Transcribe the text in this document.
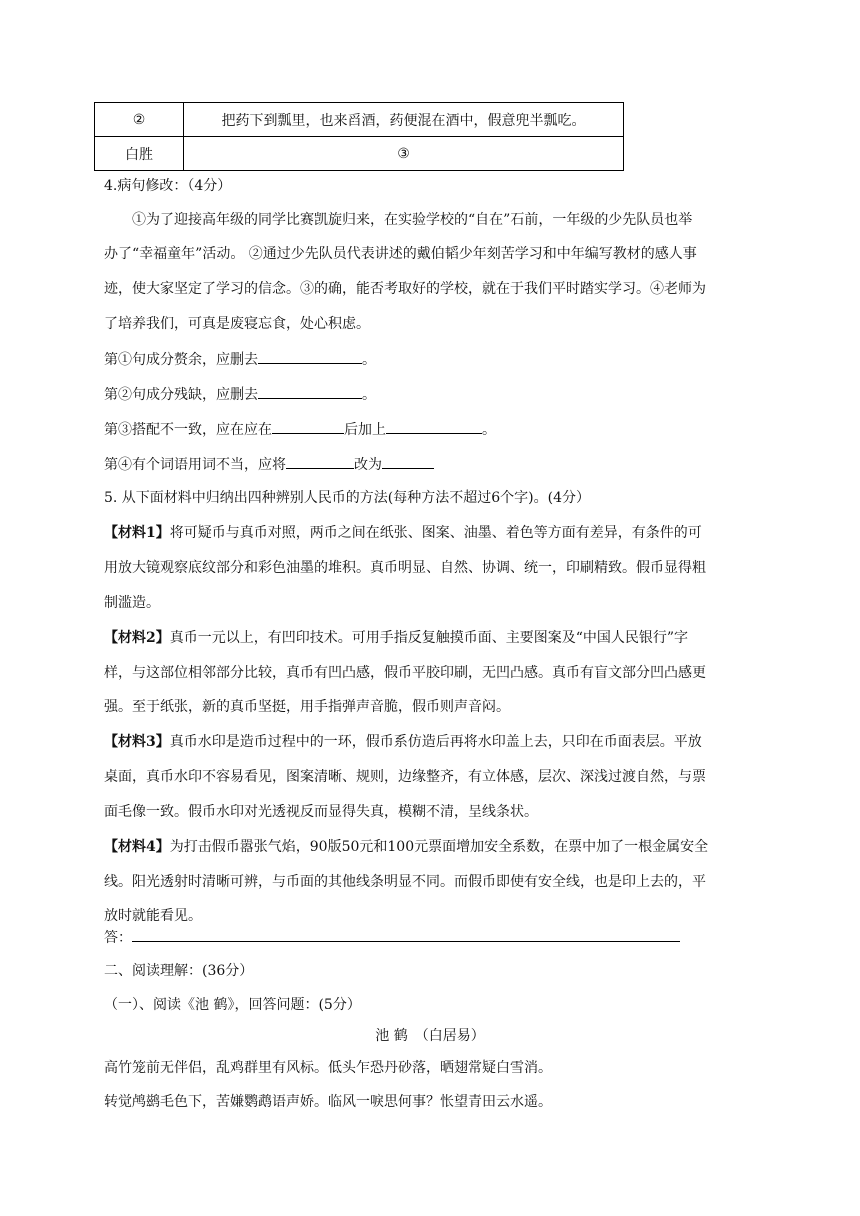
②	把药下到瓢里，也来舀酒，药便混在酒中，假意兜半瓢吃。
白胜	③
4.病句修改：（4分）
①为了迎接高年级的同学比赛凯旋归来，在实验学校的“自在”石前，一年级的少先队员也举
办了“幸福童年”活动。 ②通过少先队员代表讲述的戴伯韬少年刻苦学习和中年编写教材的感人事
迹，使大家坚定了学习的信念。③的确，能否考取好的学校，就在于我们平时踏实学习。④老师为
了培养我们，可真是废寝忘食，处心积虑。
第①句成分赘余，应删去	。
第②句成分残缺，应删去	。
第③搭配不一致，应在应在	后加上	。
第④有个词语用词不当，应将	改为
5. 从下面材料中归纳出四种辨别人民币的方法(每种方法不超过6个字)。(4分）
【材料1】将可疑币与真币对照，两币之间在纸张、图案、油墨、着色等方面有差异，有条件的可
用放大镜观察底纹部分和彩色油墨的堆积。真币明显、自然、协调、统一，印刷精致。假币显得粗
制滥造。
【材料2】真币一元以上，有凹印技术。可用手指反复触摸币面、主要图案及“中国人民银行”字
样，与这部位相邻部分比较，真币有凹凸感，假币平胶印刷，无凹凸感。真币有盲文部分凹凸感更
强。至于纸张，新的真币坚挺，用手指弹声音脆，假币则声音闷。
【材料3】真币水印是造币过程中的一环，假币系仿造后再将水印盖上去，只印在币面表层。平放
桌面，真币水印不容易看见，图案清晰、规则，边缘整齐，有立体感，层次、深浅过渡自然，与票
面毛像一致。假币水印对光透视反而显得失真，模糊不清，呈线条状。
【材料4】为打击假币嚣张气焰，90版50元和100元票面增加安全系数，在票中加了一根金属安全
线。阳光透射时清晰可辨，与币面的其他线条明显不同。而假币即使有安全线，也是印上去的，平
放时就能看见。
答：
二、阅读理解：(36分）
（一）、阅读《池 鹤》，回答问题：(5分）
池 鹤　（白居易）
高竹笼前无伴侣，乱鸡群里有风标。低头乍恐丹砂落，晒翅常疑白雪消。
转觉鸬鹚毛色下，苦嫌鹦鹉语声娇。临风一唳思何事？怅望青田云水遥。
